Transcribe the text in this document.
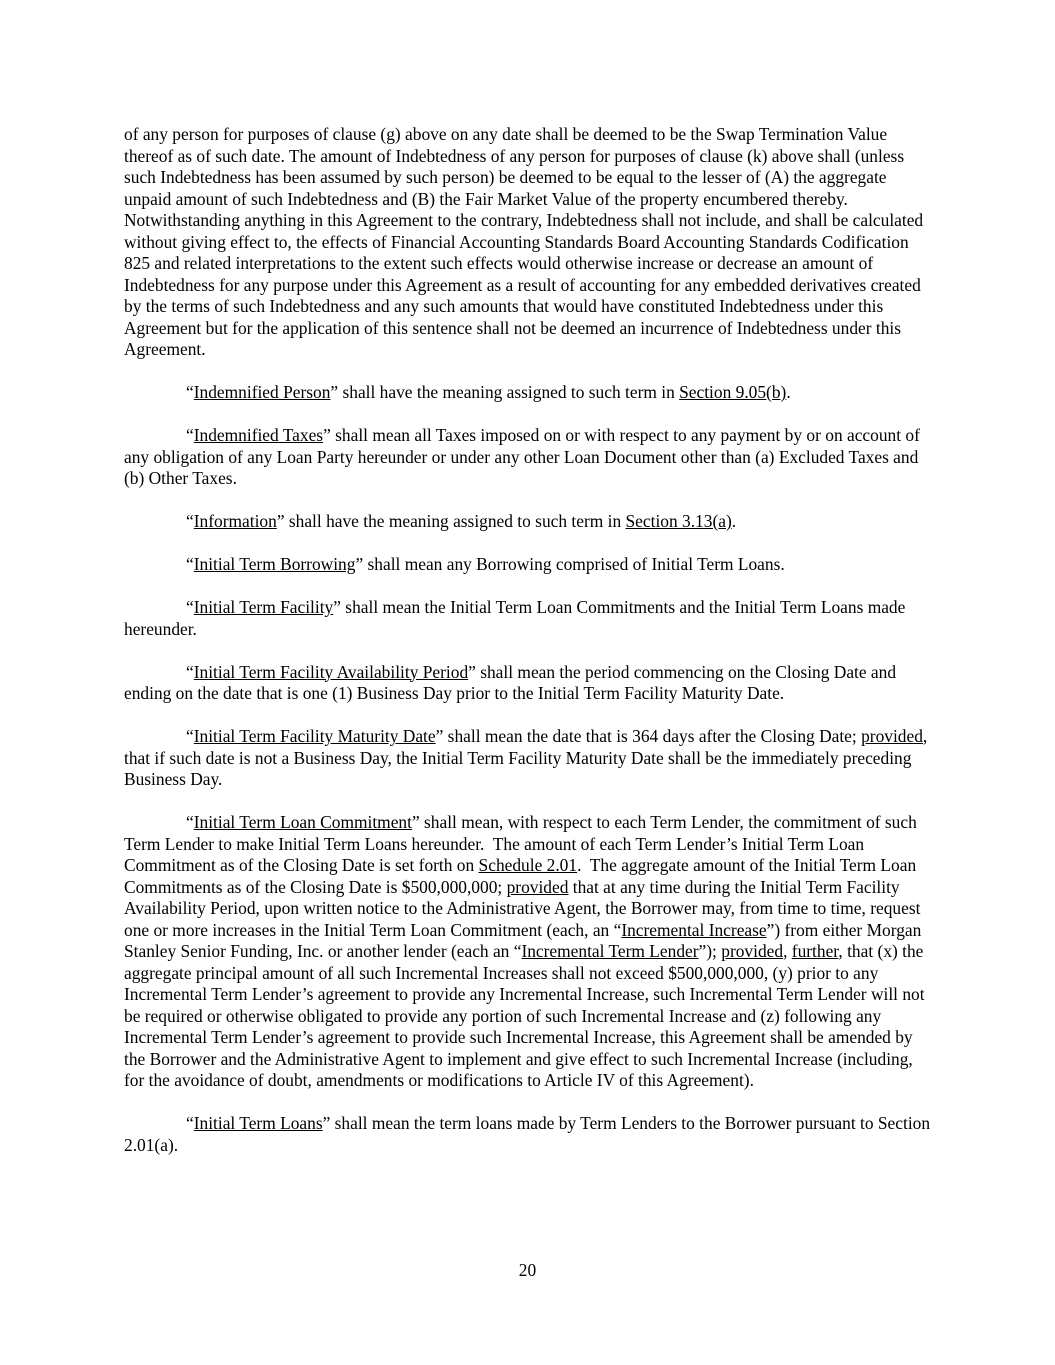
of any person for purposes of clause (g) above on any date shall be deemed to be the Swap Termination Value thereof as of such date. The amount of Indebtedness of any person for purposes of clause (k) above shall (unless such Indebtedness has been assumed by such person) be deemed to be equal to the lesser of (A) the aggregate unpaid amount of such Indebtedness and (B) the Fair Market Value of the property encumbered thereby.  Notwithstanding anything in this Agreement to the contrary, Indebtedness shall not include, and shall be calculated without giving effect to, the effects of Financial Accounting Standards Board Accounting Standards Codification 825 and related interpretations to the extent such effects would otherwise increase or decrease an amount of Indebtedness for any purpose under this Agreement as a result of accounting for any embedded derivatives created by the terms of such Indebtedness and any such amounts that would have constituted Indebtedness under this Agreement but for the application of this sentence shall not be deemed an incurrence of Indebtedness under this Agreement.

“Indemnified Person” shall have the meaning assigned to such term in Section 9.05(b).

“Indemnified Taxes” shall mean all Taxes imposed on or with respect to any payment by or on account of any obligation of any Loan Party hereunder or under any other Loan Document other than (a) Excluded Taxes and (b) Other Taxes.

“Information” shall have the meaning assigned to such term in Section 3.13(a).

“Initial Term Borrowing” shall mean any Borrowing comprised of Initial Term Loans.

“Initial Term Facility” shall mean the Initial Term Loan Commitments and the Initial Term Loans made hereunder.

“Initial Term Facility Availability Period” shall mean the period commencing on the Closing Date and ending on the date that is one (1) Business Day prior to the Initial Term Facility Maturity Date.

“Initial Term Facility Maturity Date” shall mean the date that is 364 days after the Closing Date; provided, that if such date is not a Business Day, the Initial Term Facility Maturity Date shall be the immediately preceding Business Day.

“Initial Term Loan Commitment” shall mean, with respect to each Term Lender, the commitment of such Term Lender to make Initial Term Loans hereunder.  The amount of each Term Lender’s Initial Term Loan Commitment as of the Closing Date is set forth on Schedule 2.01.  The aggregate amount of the Initial Term Loan Commitments as of the Closing Date is $500,000,000; provided that at any time during the Initial Term Facility Availability Period, upon written notice to the Administrative Agent, the Borrower may, from time to time, request one or more increases in the Initial Term Loan Commitment (each, an “Incremental Increase”) from either Morgan Stanley Senior Funding, Inc. or another lender (each an “Incremental Term Lender”); provided, further, that (x) the aggregate principal amount of all such Incremental Increases shall not exceed $500,000,000, (y) prior to any Incremental Term Lender’s agreement to provide any Incremental Increase, such Incremental Term Lender will not be required or otherwise obligated to provide any portion of such Incremental Increase and (z) following any Incremental Term Lender’s agreement to provide such Incremental Increase, this Agreement shall be amended by the Borrower and the Administrative Agent to implement and give effect to such Incremental Increase (including, for the avoidance of doubt, amendments or modifications to Article IV of this Agreement).

“Initial Term Loans” shall mean the term loans made by Term Lenders to the Borrower pursuant to Section 2.01(a).

20
